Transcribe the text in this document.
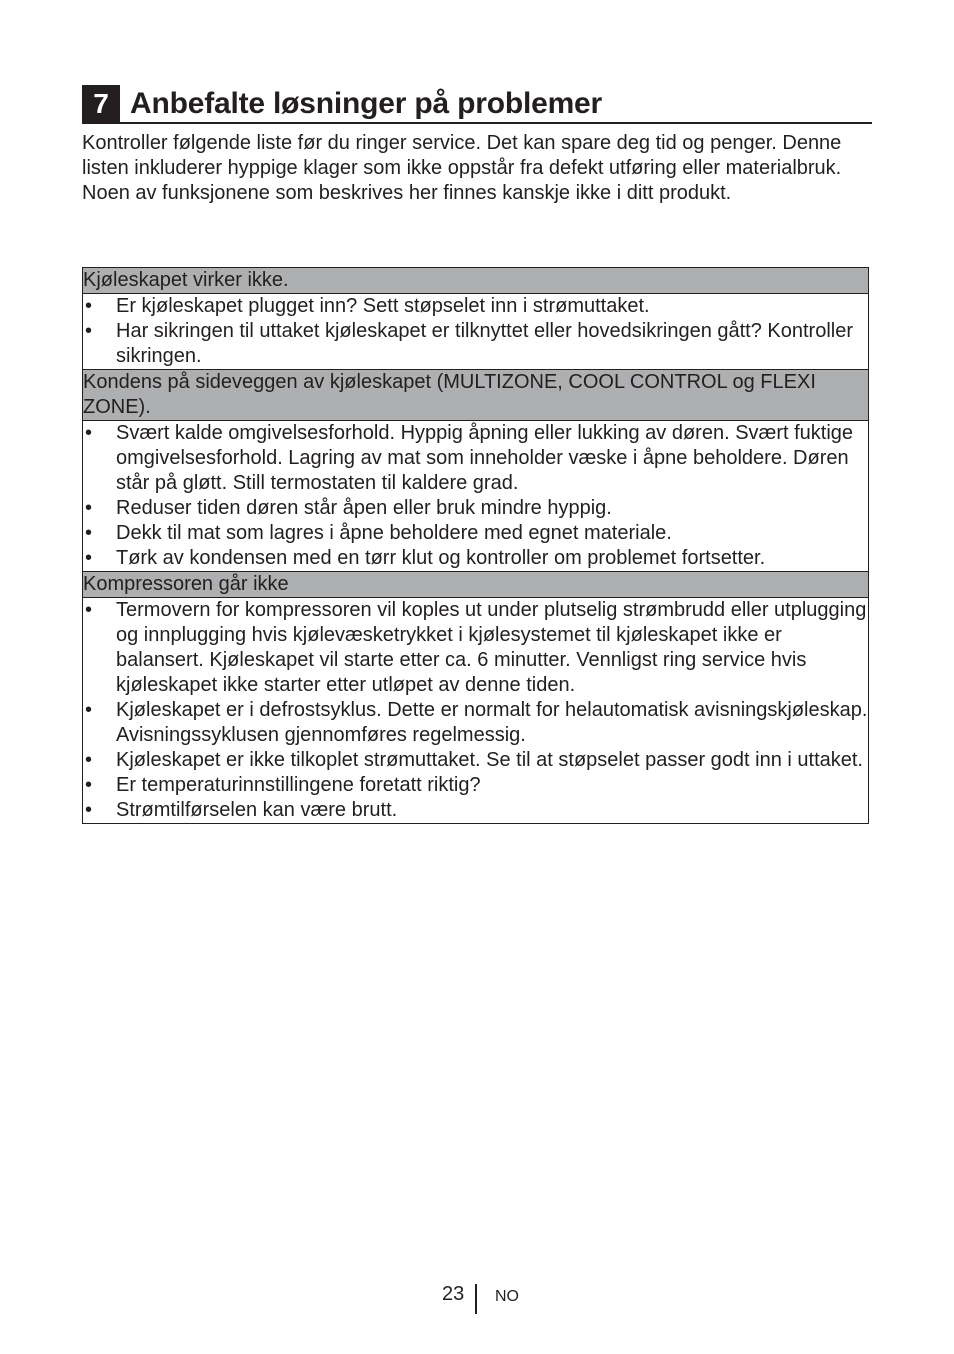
7 Anbefalte løsninger på problemer

Kontroller følgende liste før du ringer service. Det kan spare deg tid og penger. Denne listen inkluderer hyppige klager som ikke oppstår fra defekt utføring eller materialbruk. Noen av funksjonene som beskrives her finnes kanskje ikke i ditt produkt.

Kjøleskapet virker ikke.

• Er kjøleskapet plugget inn? Sett støpselet inn i strømuttaket.
• Har sikringen til uttaket kjøleskapet er tilknyttet eller hovedsikringen gått? Kontroller sikringen.

Kondens på sideveggen av kjøleskapet (MULTIZONE, COOL CONTROL og FLEXI ZONE).

• Svært kalde omgivelsesforhold. Hyppig åpning eller lukking av døren. Svært fuktige omgivelsesforhold. Lagring av mat som inneholder væske i åpne beholdere. Døren står på gløtt. Still termostaten til kaldere grad.
• Reduser tiden døren står åpen eller bruk mindre hyppig.
• Dekk til mat som lagres i åpne beholdere med egnet materiale.
• Tørk av kondensen med en tørr klut og kontroller om problemet fortsetter.

Kompressoren går ikke

• Termovern for kompressoren vil koples ut under plutselig strømbrudd eller utplugging og innplugging hvis kjølevæsketrykket i kjølesystemet til kjøleskapet ikke er balansert. Kjøleskapet vil starte etter ca. 6 minutter. Vennligst ring service hvis kjøleskapet ikke starter etter utløpet av denne tiden.
• Kjøleskapet er i defrostsyklus. Dette er normalt for helautomatisk avisningskjøleskap. Avisningssyklusen gjennomføres regelmessig.
• Kjøleskapet er ikke tilkoplet strømuttaket. Se til at støpselet passer godt inn i uttaket.
• Er temperaturinnstillingene foretatt riktig?
• Strømtilførselen kan være brutt.
23 NO
